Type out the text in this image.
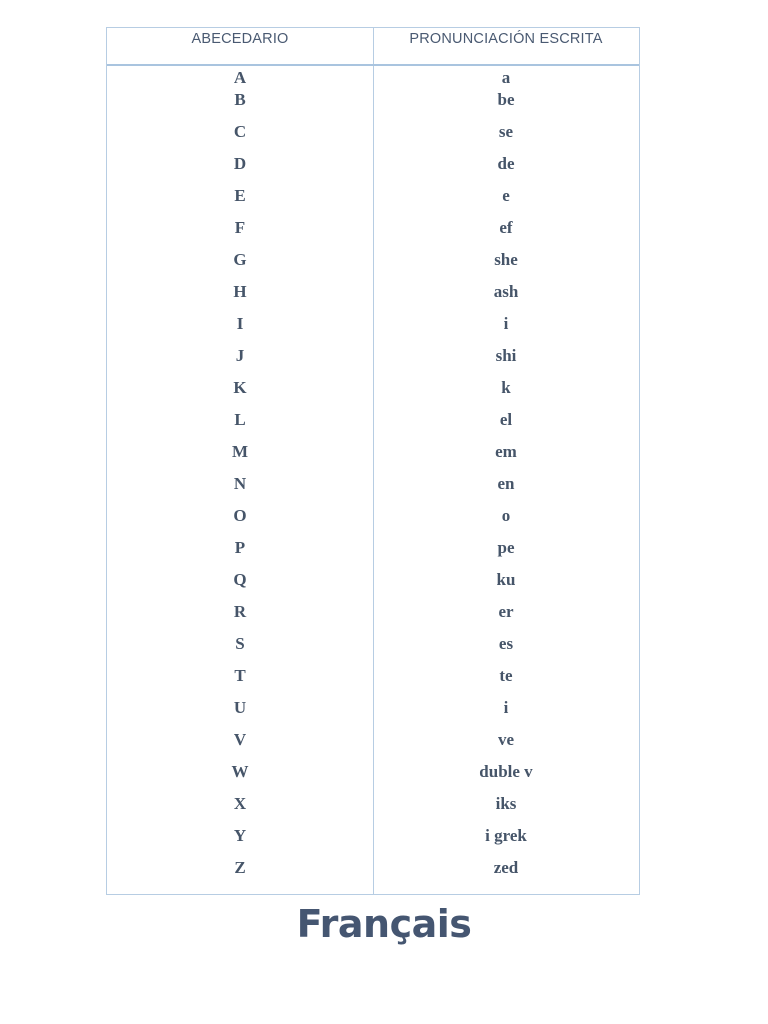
ABECEDARIO	PRONUNCIACIÓN ESCRITA
A	a
B	be
C	se
D	de
E	e
F	ef
G	she
H	ash
I	i
J	shi
K	k
L	el
M	em
N	en
O	o
P	pe
Q	ku
R	er
S	es
T	te
U	i
V	ve
W	duble v
X	iks
Y	i grek
Z	zed
Français
